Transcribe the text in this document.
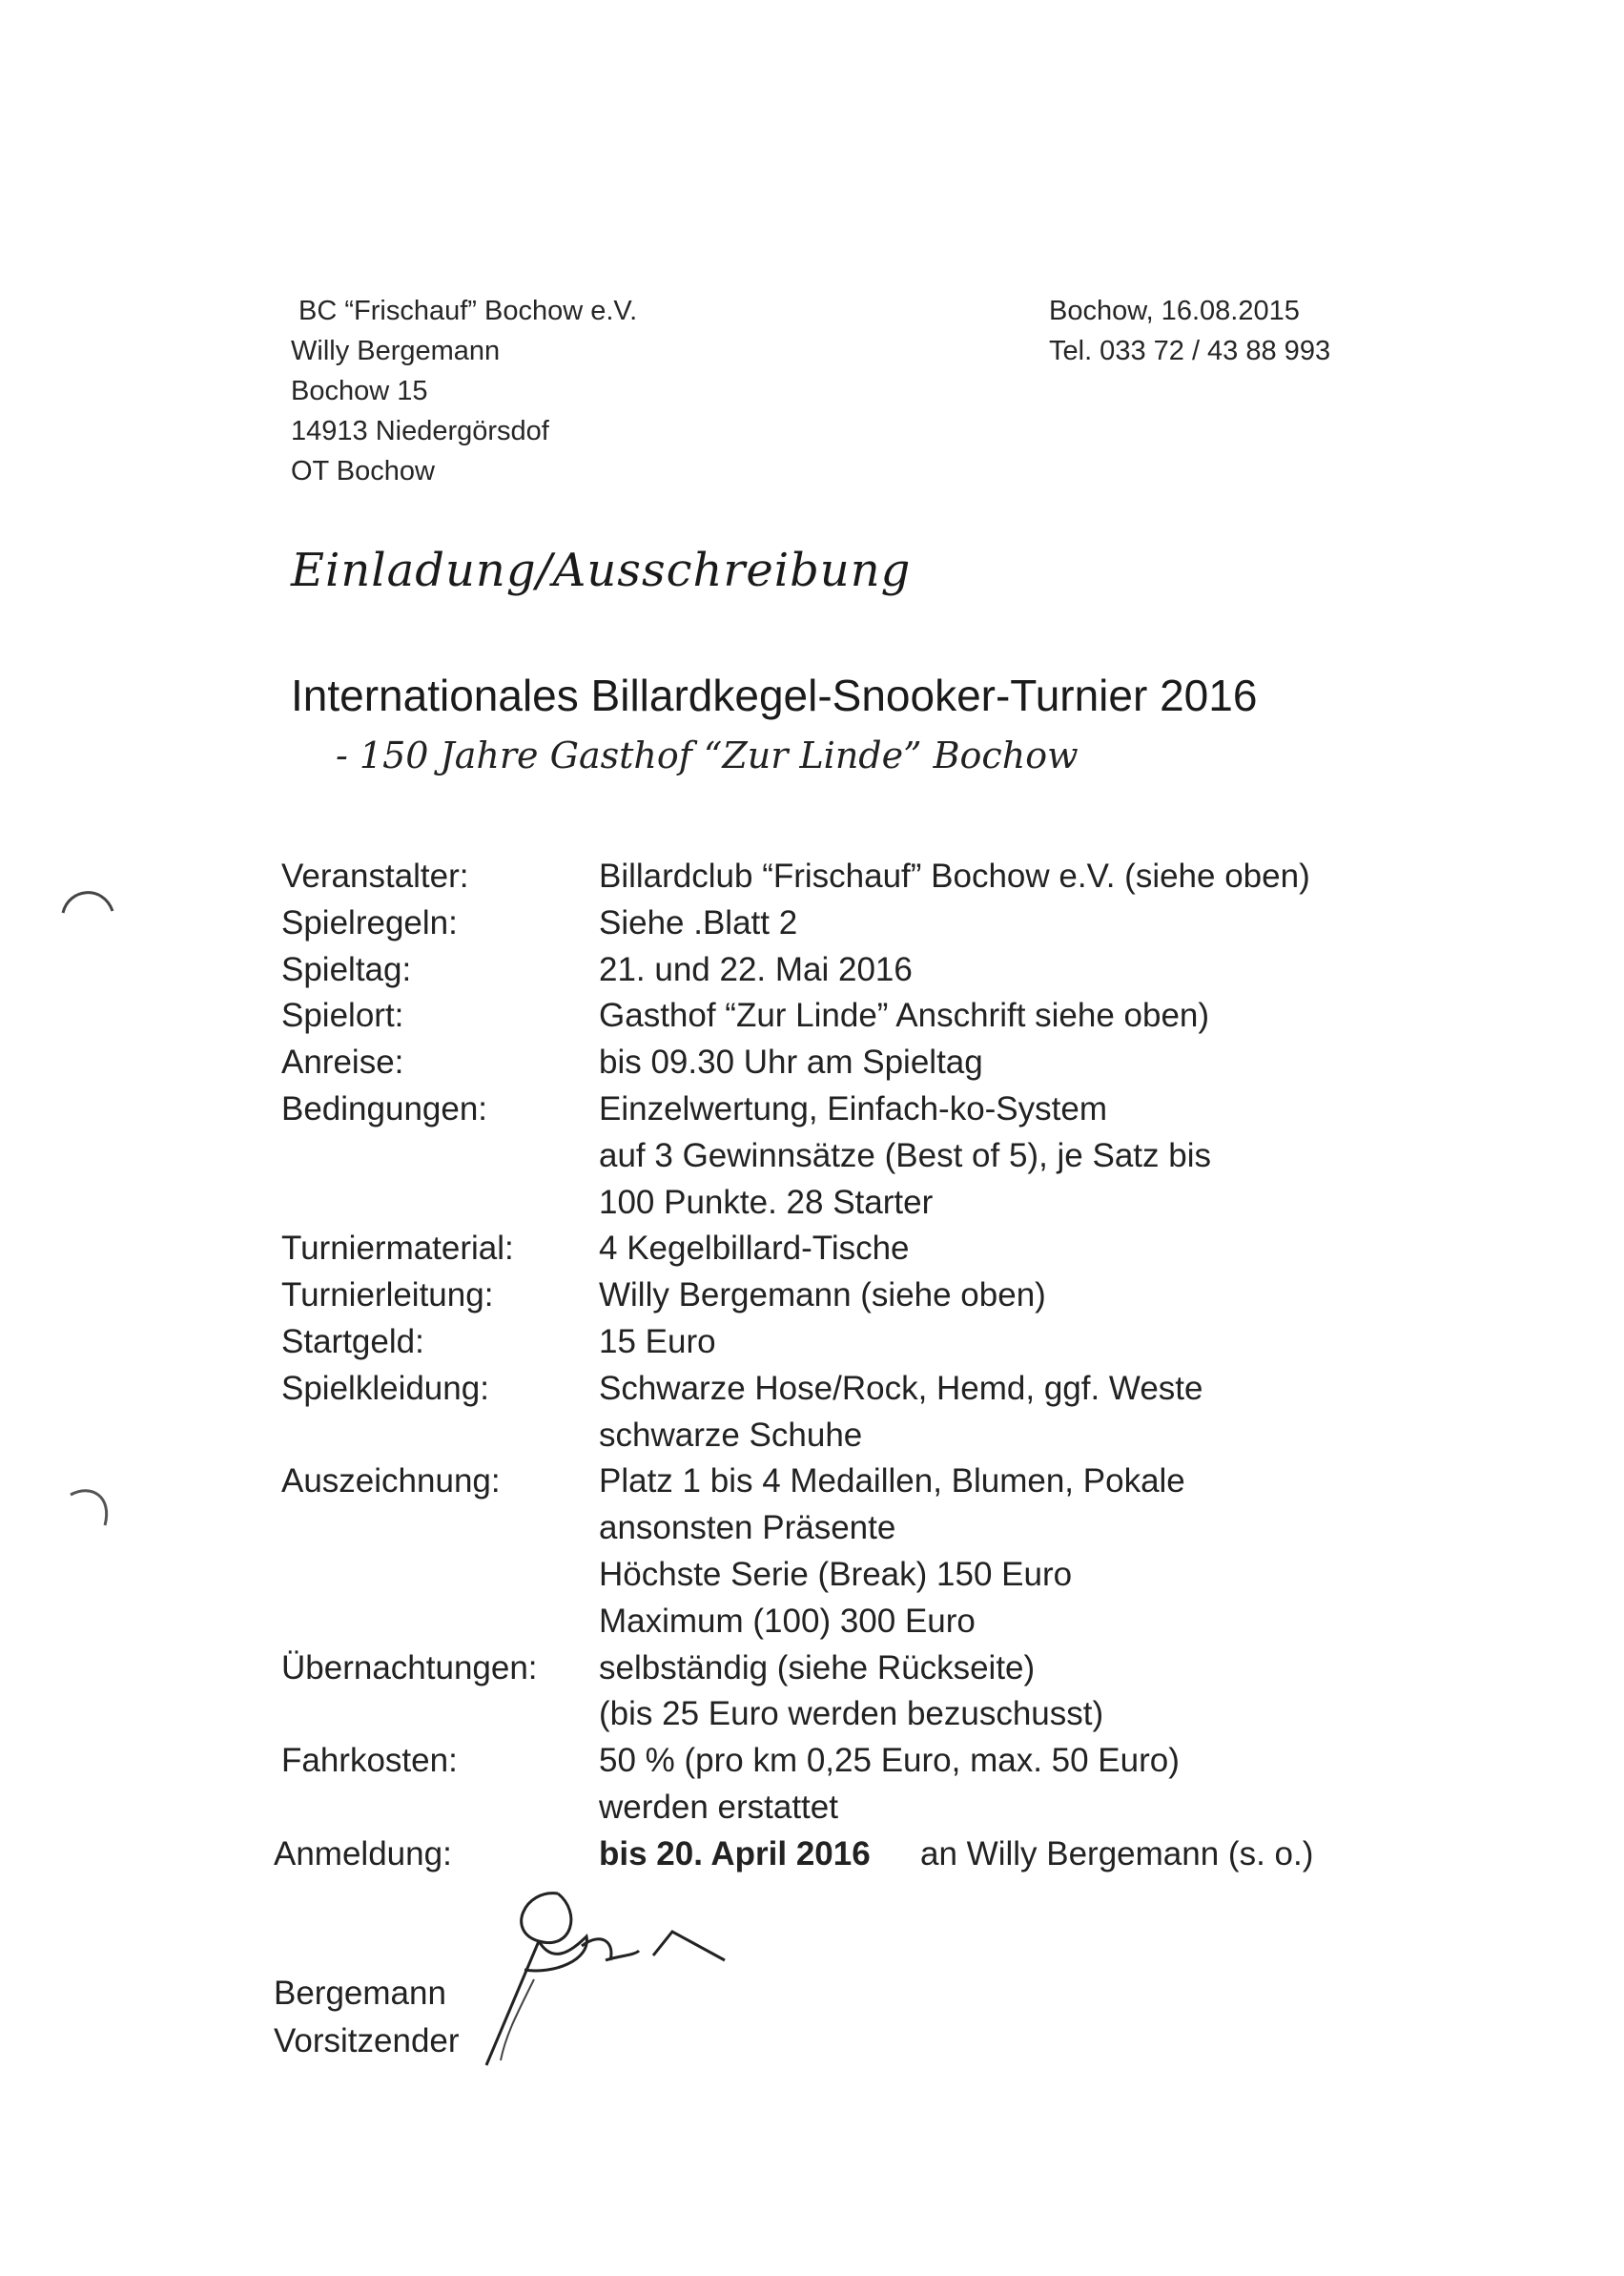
BC “Frischauf” Bochow e.V.
Willy Bergemann
Bochow 15
14913 Niedergörsdof
OT Bochow
Bochow, 16.08.2015
Tel. 033 72 / 43 88 993
Einladung/Ausschreibung
Internationales Billardkegel-Snooker-Turnier 2016
- 150 Jahre Gasthof “Zur Linde” Bochow
Veranstalter:	Billardclub “Frischauf” Bochow e.V. (siehe oben)
Spielregeln:	Siehe .Blatt 2
Spieltag:	21. und 22. Mai 2016
Spielort:	Gasthof “Zur Linde” Anschrift siehe oben)
Anreise:	bis 09.30 Uhr am Spieltag
Bedingungen:	Einzelwertung, Einfach-ko-System
auf 3 Gewinnsätze (Best of 5), je Satz bis
100 Punkte. 28 Starter
Turniermaterial:	4 Kegelbillard-Tische
Turnierleitung:	Willy Bergemann (siehe oben)
Startgeld:	15 Euro
Spielkleidung:	Schwarze Hose/Rock, Hemd, ggf. Weste
schwarze Schuhe
Auszeichnung:	Platz 1 bis 4 Medaillen, Blumen, Pokale
ansonsten Präsente
Höchste Serie (Break) 150 Euro
Maximum (100) 300 Euro
Übernachtungen: selbständig (siehe Rückseite)
(bis 25 Euro werden bezuschusst)
Fahrkosten:	50 % (pro km 0,25 Euro, max. 50 Euro)
werden erstattet
Anmeldung:	bis 20. April 2016 an Willy Bergemann (s. o.)
Bergemann
Vorsitzender
